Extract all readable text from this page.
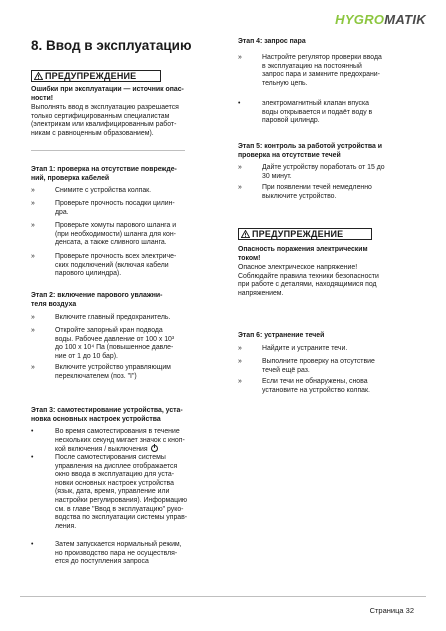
HYGROMATIK
8. Ввод в эксплуатацию
ПРЕДУПРЕЖДЕНИЕ
Ошибки при эксплуатации — источник опас-
ности!
Выполнять ввод в эксплуатацию разрешается
только сертифицированным специалистам
(электрикам или квалифицированным работ-
никам с равноценным образованием).
Этап 1: проверка на отсутствие поврежде-
ний, проверка кабелей
»	Снимите с устройства колпак.
»	Проверьте прочность посадки цилин-
дра.
»	Проверьте хомуты парового шланга и
(при необходимости) шланга для кон-
денсата, а также сливного шланга.
»	Проверьте прочность всех электриче-
ских подключений (включая кабели
парового цилиндра).
Этап 2: включение парового увлажни-
теля воздуха
»	Включите главный предохранитель.
»	Откройте запорный кран подвода
воды. Рабочее давление от 100 x 10³
до 100 x 10⁴ Па (повышенное давле-
ние от 1 до 10 бар).
»	Включите устройство управляющим
переключателем (поз. "I")
Этап 3: самотестирование устройства, уста-
новка основных настроек устройства
•	Во время самотестирования в течение
нескольких секунд мигает значок с кноп-
кой включения / выключения
•	После самотестирования системы
управления на дисплее отображается
окно ввода в эксплуатацию для уста-
новки основных настроек устройства
(язык, дата, время, управление или
настройки регулирования). Информацию
см. в главе "Ввод в эксплуатацию" руко-
водства по эксплуатации системы управ-
ления.
•	Затем запускается нормальный режим,
но производство пара не осуществля-
ется до поступления запроса
Этап 4: запрос пара
»	Настройте регулятор проверки ввода
в эксплуатацию на постоянный
запрос пара и замкните предохрани-
тельную цепь.
•	электромагнитный клапан впуска
воды открывается и подаёт воду в
паровой цилиндр.
Этап 5: контроль за работой устройства и
проверка на отсутствие течей
»	Дайте устройству поработать от 15 до
30 минут.
»	При появлении течей немедленно
выключите устройство.
ПРЕДУПРЕЖДЕНИЕ
Опасность поражения электрическим
током!
Опасное электрическое напряжение!
Соблюдайте правила техники безопасности
при работе с деталями, находящимися под
напряжением.
Этап 6: устранение течей
»	Найдите и устраните течи.
»	Выполните проверку на отсутствие
течей ещё раз.
»	Если течи не обнаружены, снова
установите на устройство колпак.
Страница 32
